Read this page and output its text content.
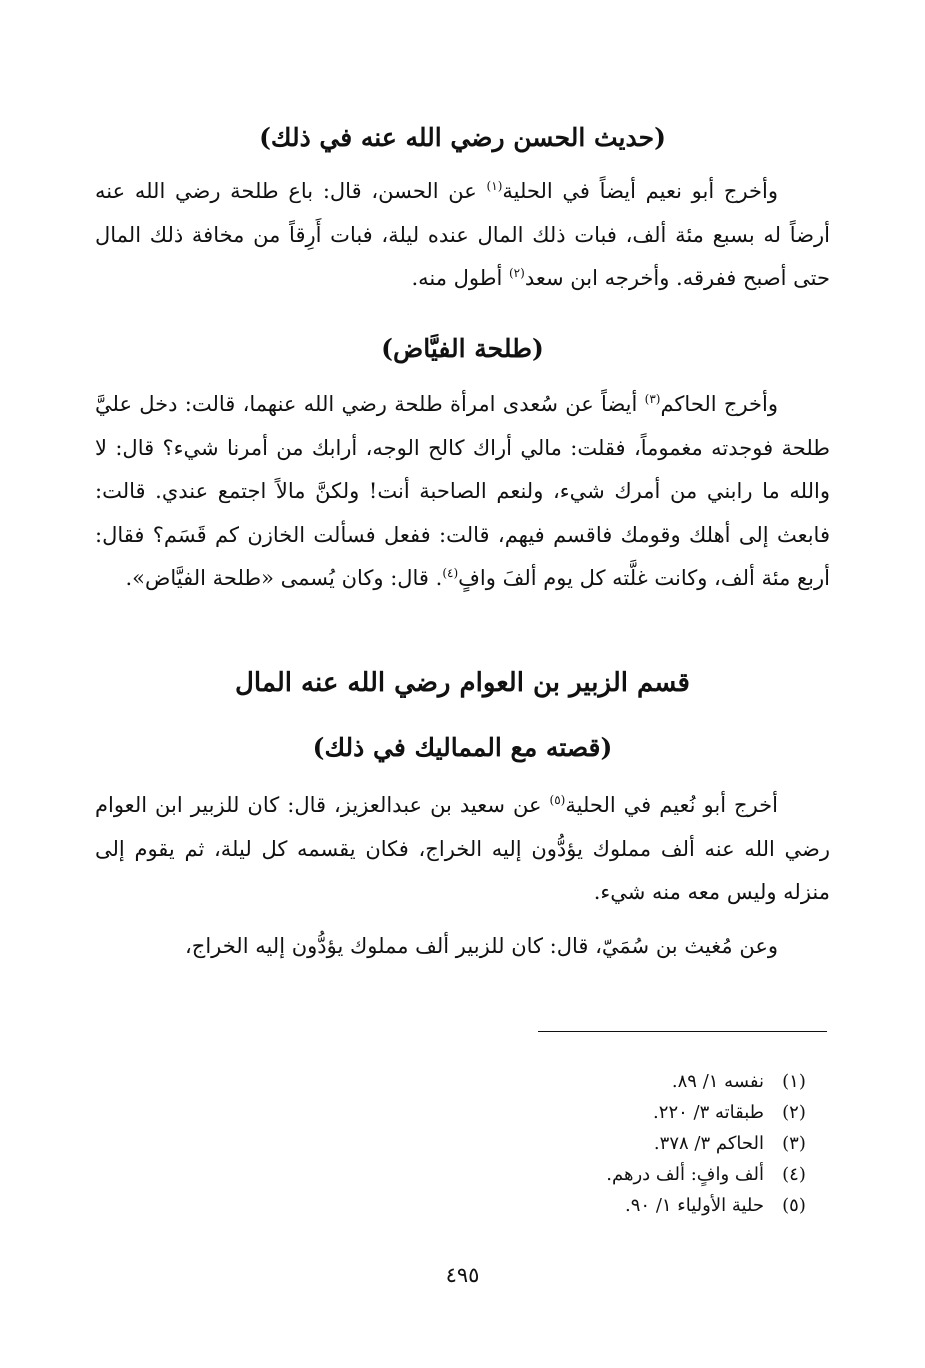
(حديث الحسن رضي الله عنه في ذلك)
وأخرج أبو نعيم أيضاً في الحلية$^{(١)}$ عن الحسن، قال: باع طلحة رضي الله عنه أرضاً له بسبع مئة ألف، فبات ذلك المال عنده ليلة، فبات أَرِقاً من مخافة ذلك المال حتى أصبح ففرقه. وأخرجه ابن سعد$^{(٢)}$ أطول منه.
(طلحة الفيَّاض)
وأخرج الحاكم$^{(٣)}$ أيضاً عن سُعدى امرأة طلحة رضي الله عنهما، قالت: دخل عليَّ طلحة فوجدته مغموماً، فقلت: مالي أراك كالح الوجه، أرابك من أمرنا شيء؟ قال: لا والله ما رابني من أمرك شيء، ولنعم الصاحبة أنت! ولكنَّ مالاً اجتمع عندي. قالت: فابعث إلى أهلك وقومك فاقسم فيهم، قالت: ففعل فسألت الخازن كم قَسَم؟ فقال: أربع مئة ألف، وكانت غلَّته كل يوم ألفَ وافٍ$^{(٤)}$. قال: وكان يُسمى «طلحة الفيَّاض».
قسم الزبير بن العوام رضي الله عنه المال
(قصته مع المماليك في ذلك)
أخرج أبو نُعيم في الحلية$^{(٥)}$ عن سعيد بن عبدالعزيز، قال: كان للزبير ابن العوام رضي الله عنه ألف مملوك يؤدُّون إليه الخراج، فكان يقسمه كل ليلة، ثم يقوم إلى منزله وليس معه منه شيء.
وعن مُغيث بن سُمَيّ، قال: كان للزبير ألف مملوك يؤدُّون إليه الخراج،
(١)
نفسه ١/ ٨٩.
(٢)
طبقاته ٣/ ٢٢٠.
(٣)
الحاكم ٣/ ٣٧٨.
(٤)
ألف وافٍ: ألف درهم.
(٥)
حلية الأولياء ١/ ٩٠.
٤٩٥
